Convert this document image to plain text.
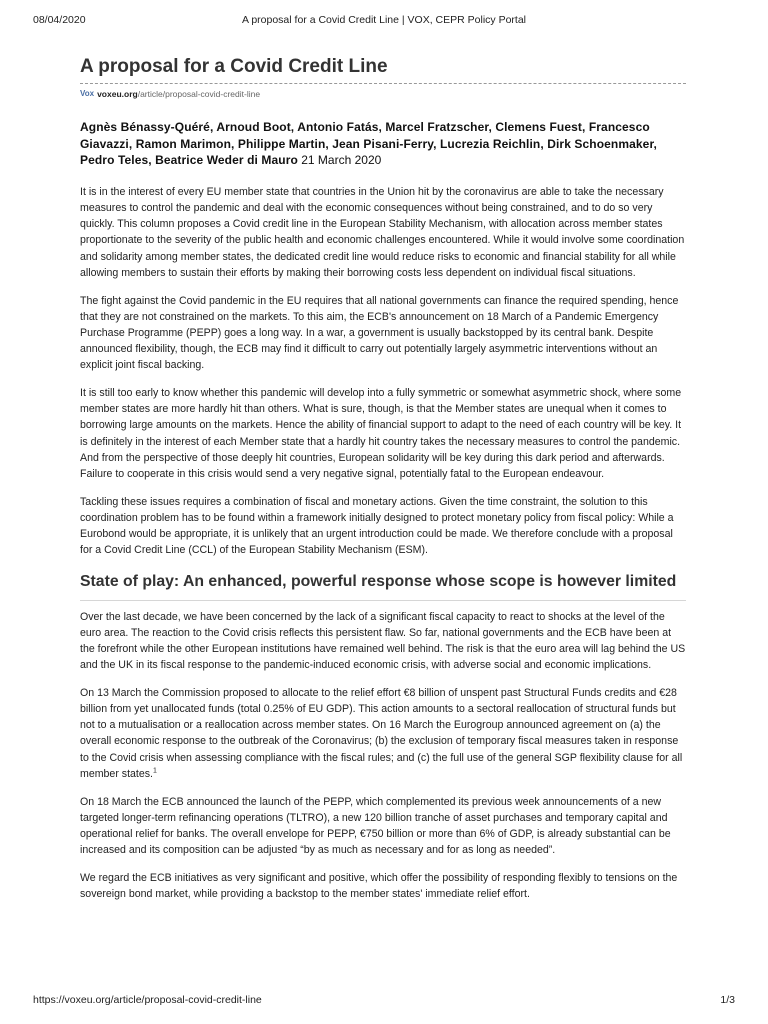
08/04/2020	A proposal for a Covid Credit Line | VOX, CEPR Policy Portal
A proposal for a Covid Credit Line
Vox voxeu.org /article/proposal-covid-credit-line
Agnès Bénassy-Quéré, Arnoud Boot, Antonio Fatás, Marcel Fratzscher, Clemens Fuest, Francesco Giavazzi, Ramon Marimon, Philippe Martin, Jean Pisani-Ferry, Lucrezia Reichlin, Dirk Schoenmaker, Pedro Teles, Beatrice Weder di Mauro 21 March 2020

It is in the interest of every EU member state that countries in the Union hit by the coronavirus are able to take the necessary measures to control the pandemic and deal with the economic consequences without being constrained, and to do so very quickly. This column proposes a Covid credit line in the European Stability Mechanism, with allocation across member states proportionate to the severity of the public health and economic challenges encountered. While it would involve some coordination and solidarity among member states, the dedicated credit line would reduce risks to economic and financial stability for all while allowing members to sustain their efforts by making their borrowing costs less dependent on individual fiscal situations.

The fight against the Covid pandemic in the EU requires that all national governments can finance the required spending, hence that they are not constrained on the markets. To this aim, the ECB's announcement on 18 March of a Pandemic Emergency Purchase Programme (PEPP) goes a long way. In a war, a government is usually backstopped by its central bank. Despite announced flexibility, though, the ECB may find it difficult to carry out potentially largely asymmetric interventions without an explicit joint fiscal backing.

It is still too early to know whether this pandemic will develop into a fully symmetric or somewhat asymmetric shock, where some member states are more hardly hit than others. What is sure, though, is that the Member states are unequal when it comes to borrowing large amounts on the markets. Hence the ability of financial support to adapt to the need of each country will be key. It is definitely in the interest of each Member state that a hardly hit country takes the necessary measures to control the pandemic. And from the perspective of those deeply hit countries, European solidarity will be key during this dark period and afterwards. Failure to cooperate in this crisis would send a very negative signal, potentially fatal to the European endeavour.

Tackling these issues requires a combination of fiscal and monetary actions. Given the time constraint, the solution to this coordination problem has to be found within a framework initially designed to protect monetary policy from fiscal policy: While a Eurobond would be appropriate, it is unlikely that an urgent introduction could be made. We therefore conclude with a proposal for a Covid Credit Line (CCL) of the European Stability Mechanism (ESM).

State of play: An enhanced, powerful response whose scope is however limited

Over the last decade, we have been concerned by the lack of a significant fiscal capacity to react to shocks at the level of the euro area. The reaction to the Covid crisis reflects this persistent flaw. So far, national governments and the ECB have been at the forefront while the other European institutions have remained well behind. The risk is that the euro area will lag behind the US and the UK in its fiscal response to the pandemic-induced economic crisis, with adverse social and economic implications.

On 13 March the Commission proposed to allocate to the relief effort €8 billion of unspent past Structural Funds credits and €28 billion from yet unallocated funds (total 0.25% of EU GDP). This action amounts to a sectoral reallocation of structural funds but not to a mutualisation or a reallocation across member states. On 16 March the Eurogroup announced agreement on (a) the overall economic response to the outbreak of the Coronavirus; (b) the exclusion of temporary fiscal measures taken in response to the Covid crisis when assessing compliance with the fiscal rules; and (c) the full use of the general SGP flexibility clause for all member states.$^1$

On 18 March the ECB announced the launch of the PEPP, which complemented its previous week announcements of a new targeted longer-term refinancing operations (TLTRO), a new 120 billion tranche of asset purchases and temporary capital and operational relief for banks. The overall envelope for PEPP, €750 billion or more than 6% of GDP, is already substantial can be increased and its composition can be adjusted “by as much as necessary and for as long as needed”.

We regard the ECB initiatives as very significant and positive, which offer the possibility of responding flexibly to tensions on the sovereign bond market, while providing a backstop to the member states' immediate relief effort.

https://voxeu.org/article/proposal-covid-credit-line	1/3
